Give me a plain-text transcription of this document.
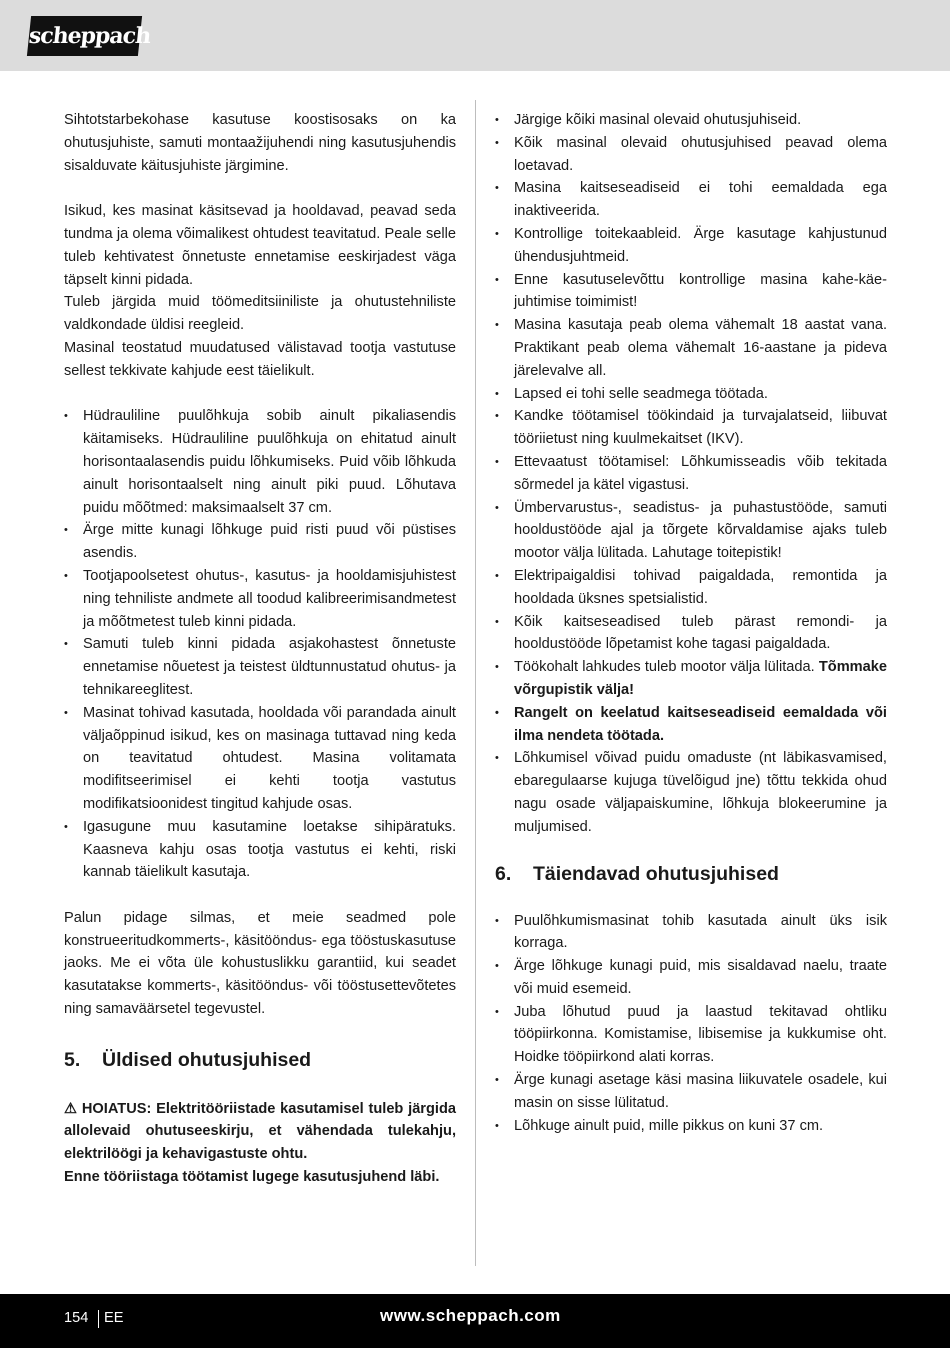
scheppach

Sihtotstarbekohase kasutuse koostisosaks on ka ohutusjuhiste, samuti montaažijuhendi ning kasutusjuhendis sisalduvate käitusjuhiste järgimine.

Isikud, kes masinat käsitsevad ja hooldavad, peavad seda tundma ja olema võimalikest ohtudest teavitatud. Peale selle tuleb kehtivatest õnnetuste ennetamise eeskirjadest väga täpselt kinni pidada.

Tuleb järgida muid töömeditsiiniliste ja ohutustehniliste valdkondade üldisi reegleid.

Masinal teostatud muudatused välistavad tootja vastutuse sellest tekkivate kahjude eest täielikult.

• Hüdrauliline puulõhkuja sobib ainult pikaliasendis käitamiseks. Hüdrauliline puulõhkuja on ehitatud ainult horisontaalasendis puidu lõhkumiseks. Puid võib lõhkuda ainult horisontaalselt ning ainult piki puud. Lõhutava puidu mõõtmed: maksimaalselt 37 cm.
• Ärge mitte kunagi lõhkuge puid risti puud või püstises asendis.
• Tootjapoolsetest ohutus-, kasutus- ja hooldamisjuhistest ning tehniliste andmete all toodud kalibreerimisandmetest ja mõõtmetest tuleb kinni pidada.
• Samuti tuleb kinni pidada asjakohastest õnnetuste ennetamise nõuetest ja teistest üldtunnustatud ohutus- ja tehnikareeglitest.
• Masinat tohivad kasutada, hooldada või parandada ainult väljaõppinud isikud, kes on masinaga tuttavad ning keda on teavitatud ohtudest. Masina volitamata modifitseerimisel ei kehti tootja vastutus modifikatsioonidest tingitud kahjude osas.
• Igasugune muu kasutamine loetakse sihipäratuks. Kaasneva kahju osas tootja vastutus ei kehti, riski kannab täielikult kasutaja.

Palun pidage silmas, et meie seadmed pole konstrueeritudkommerts-, käsitööndus- ega tööstuskasutuse jaoks. Me ei võta üle kohustuslikku garantiid, kui seadet kasutatakse kommerts-, käsitööndus- või tööstusettevõtetes ning samaväärsetel tegevustel.

5. Üldised ohutusjuhised

⚠ HOIATUS: Elektritööriistade kasutamisel tuleb järgida allolevaid ohutuseeskirju, et vähendada tulekahju, elektrilöögi ja kehavigastuste ohtu.

Enne tööriistaga töötamist lugege kasutusjuhend läbi.

• Järgige kõiki masinal olevaid ohutusjuhiseid.
• Kõik masinal olevaid ohutusjuhised peavad olema loetavad.
• Masina kaitseseadiseid ei tohi eemaldada ega inaktiveerida.
• Kontrollige toitekaableid. Ärge kasutage kahjustunud ühendusjuhtmeid.
• Enne kasutuselevõttu kontrollige masina kahe-käe-juhtimise toimimist!
• Masina kasutaja peab olema vähemalt 18 aastat vana. Praktikant peab olema vähemalt 16-aastane ja pideva järelevalve all.
• Lapsed ei tohi selle seadmega töötada.
• Kandke töötamisel töökindaid ja turvajalatseid, liibuvat tööriietust ning kuulmekaitset (IKV).
• Ettevaatust töötamisel: Lõhkumisseadis võib tekitada sõrmedel ja kätel vigastusi.
• Ümbervarustus-, seadistus- ja puhastustööde, samuti hooldustööde ajal ja tõrgete kõrvaldamise ajaks tuleb mootor välja lülitada. Lahutage toitepistik!
• Elektripaigaldisi tohivad paigaldada, remontida ja hooldada üksnes spetsialistid.
• Kõik kaitseseadised tuleb pärast remondi- ja hooldustööde lõpetamist kohe tagasi paigaldada.
• Töökohalt lahkudes tuleb mootor välja lülitada. Tõmmake võrgupistik välja!
• Rangelt on keelatud kaitseseadiseid eemaldada või ilma nendeta töötada.
• Lõhkumisel võivad puidu omaduste (nt läbikasvamised, ebaregulaarse kujuga tüvelõigud jne) tõttu tekkida ohud nagu osade väljapaiskumine, lõhkuja blokeerumine ja muljumised.
6. Täiendavad ohutusjuhised
• Puulõhkumismasinat tohib kasutada ainult üks isik korraga.
• Ärge lõhkuge kunagi puid, mis sisaldavad naelu, traate või muid esemeid.
• Juba lõhutud puud ja laastud tekitavad ohtliku tööpiirkonna. Komistamise, libisemise ja kukkumise oht. Hoidke tööpiirkond alati korras.
• Ärge kunagi asetage käsi masina liikuvatele osadele, kui masin on sisse lülitatud.
• Lõhkuge ainult puid, mille pikkus on kuni 37 cm.
154 EE	www.scheppach.com
